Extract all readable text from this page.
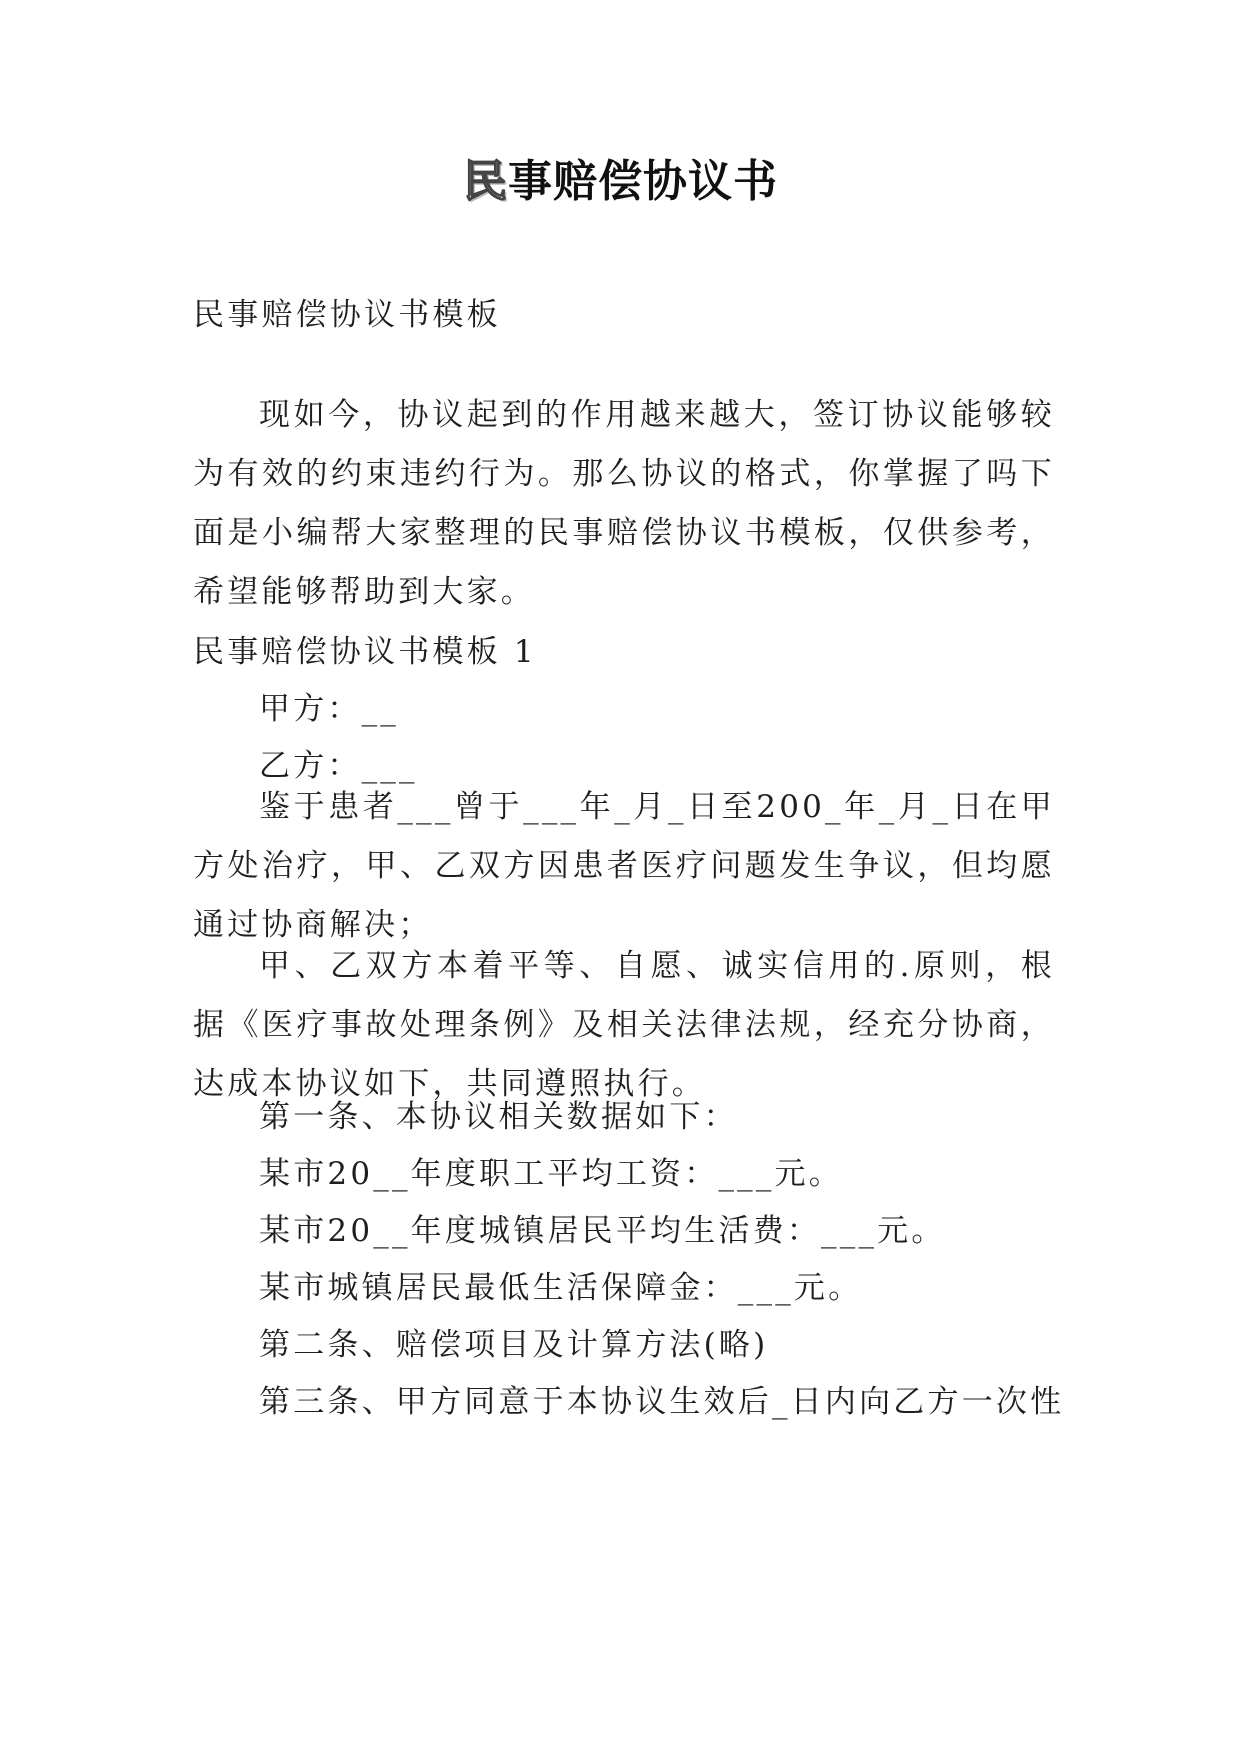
民事赔偿协议书
民事赔偿协议书模板
现如今，协议起到的作用越来越大，签订协议能够较为有效的约束违约行为。那么协议的格式，你掌握了吗下面是小编帮大家整理的民事赔偿协议书模板，仅供参考，希望能够帮助到大家。
民事赔偿协议书模板 1
甲方：__
乙方：___
鉴于患者___曾于___年_月_日至200_年_月_日在甲方处治疗，甲、乙双方因患者医疗问题发生争议，但均愿通过协商解决；
甲、乙双方本着平等、自愿、诚实信用的.原则，根据《医疗事故处理条例》及相关法律法规，经充分协商，达成本协议如下，共同遵照执行。
第一条、本协议相关数据如下：
某市20__年度职工平均工资：___元。
某市20__年度城镇居民平均生活费：___元。
某市城镇居民最低生活保障金：___元。
第二条、赔偿项目及计算方法(略)
第三条、甲方同意于本协议生效后_日内向乙方一次性
